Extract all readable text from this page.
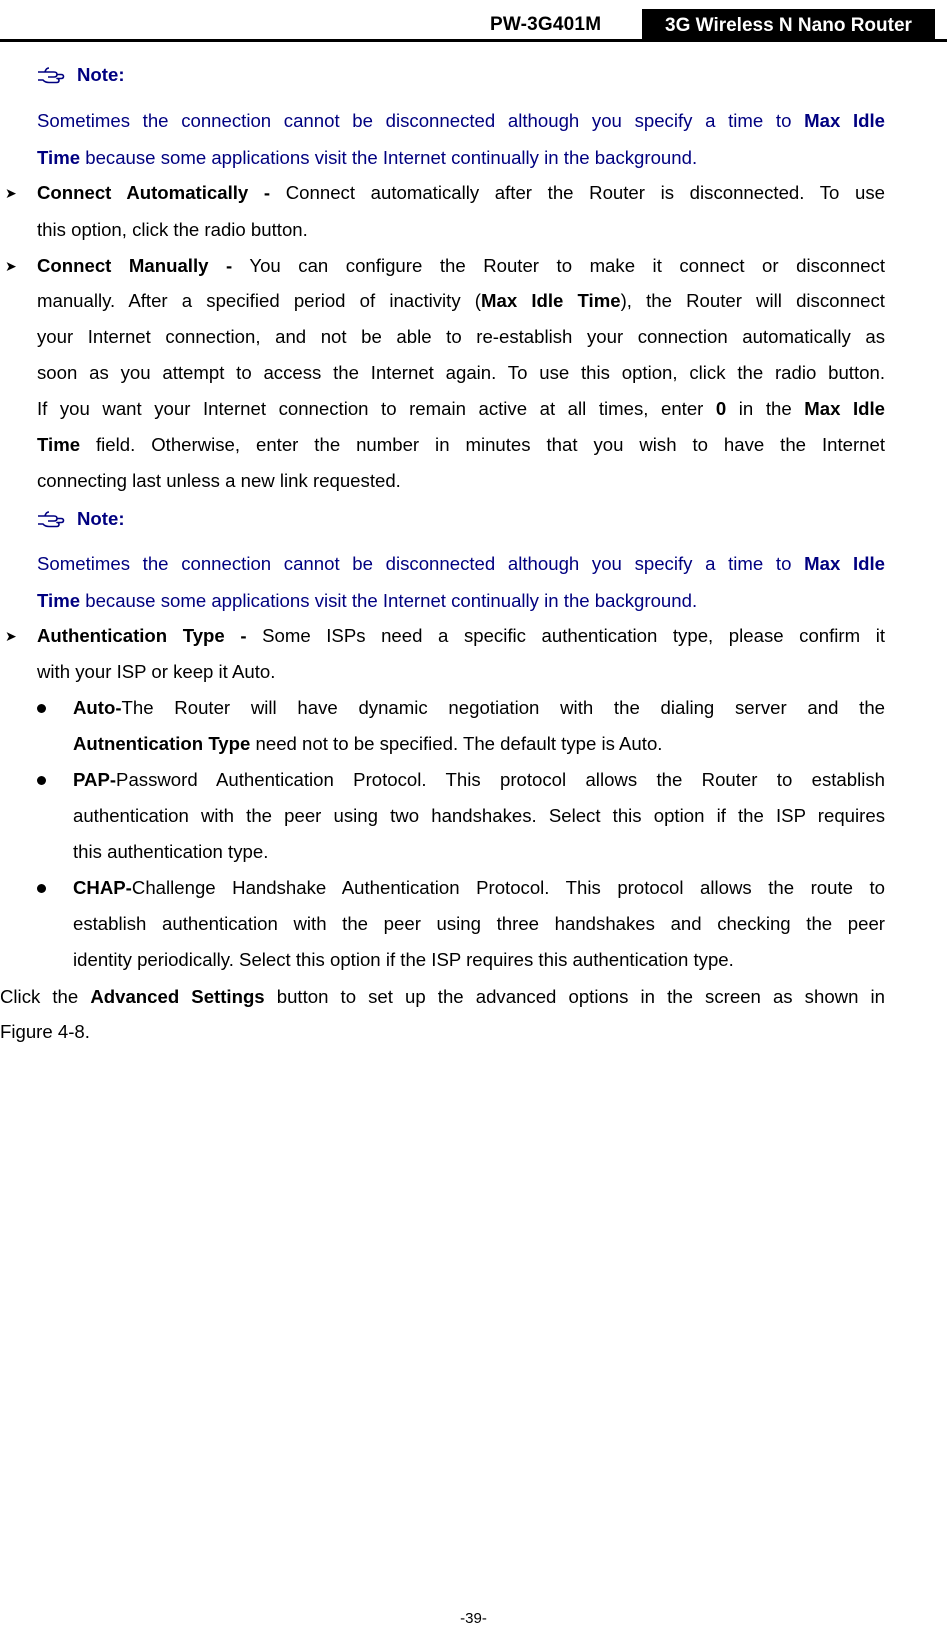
PW-3G401M	3G Wireless N Nano Router
Note:
Sometimes the connection cannot be disconnected although you specify a time to Max Idle
Time because some applications visit the Internet continually in the background.
➤ Connect Automatically - Connect automatically after the Router is disconnected. To use
this option, click the radio button.
➤ Connect Manually - You can configure the Router to make it connect or disconnect
manually. After a specified period of inactivity (Max Idle Time), the Router will disconnect
your Internet connection, and not be able to re-establish your connection automatically as
soon as you attempt to access the Internet again. To use this option, click the radio button.
If you want your Internet connection to remain active at all times, enter 0 in the Max Idle
Time field. Otherwise, enter the number in minutes that you wish to have the Internet
connecting last unless a new link requested.
Note:
Sometimes the connection cannot be disconnected although you specify a time to Max Idle
Time because some applications visit the Internet continually in the background.
➤ Authentication Type - Some ISPs need a specific authentication type, please confirm it
with your ISP or keep it Auto.
Auto-The Router will have dynamic negotiation with the dialing server and the
Autnentication Type need not to be specified. The default type is Auto.
PAP-Password Authentication Protocol. This protocol allows the Router to establish
authentication with the peer using two handshakes. Select this option if the ISP requires
this authentication type.
CHAP-Challenge Handshake Authentication Protocol. This protocol allows the route to
establish authentication with the peer using three handshakes and checking the peer
identity periodically. Select this option if the ISP requires this authentication type.
Click the Advanced Settings button to set up the advanced options in the screen as shown in
Figure 4-8.
-39-
